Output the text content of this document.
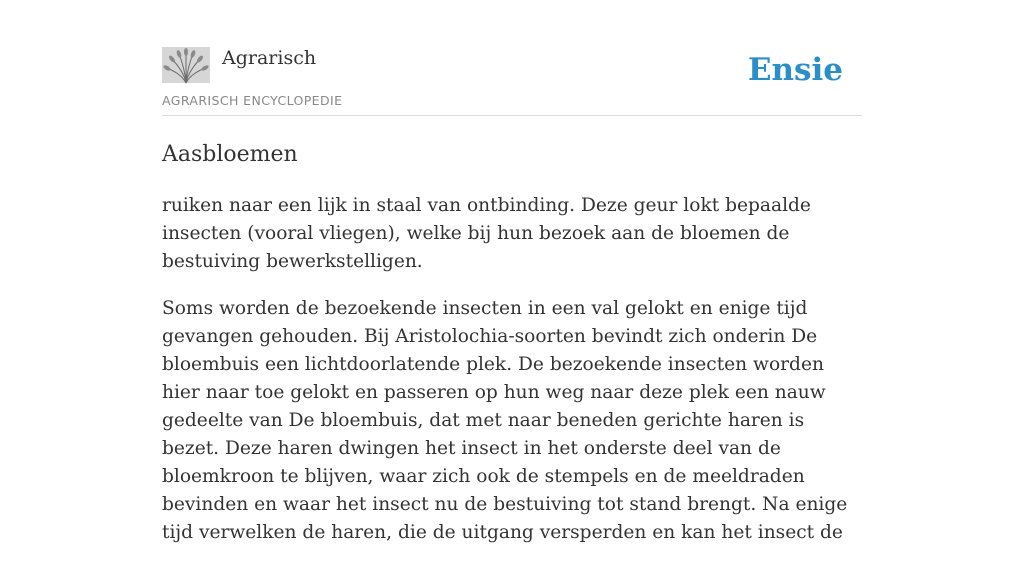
Agrarisch
AGRARISCH ENCYCLOPEDIE
Ensie
Aasbloemen

ruiken naar een lijk in staal van ontbinding. Deze geur lokt bepaalde insecten (vooral vliegen), welke bij hun bezoek aan de bloemen de bestuiving bewerkstelligen.

Soms worden de bezoekende insecten in een val gelokt en enige tijd gevangen gehouden. Bij Aristolochia-soorten bevindt zich onderin De bloembuis een lichtdoorlatende plek. De bezoekende insecten worden hier naar toe gelokt en passeren op hun weg naar deze plek een nauw gedeelte van De bloembuis, dat met naar beneden gerichte haren is bezet. Deze haren dwingen het insect in het onderste deel van de bloemkroon te blijven, waar zich ook de stempels en de meeldraden bevinden en waar het insect nu de bestuiving tot stand brengt. Na enige tijd verwelken de haren, die de uitgang versperden en kan het insect de
